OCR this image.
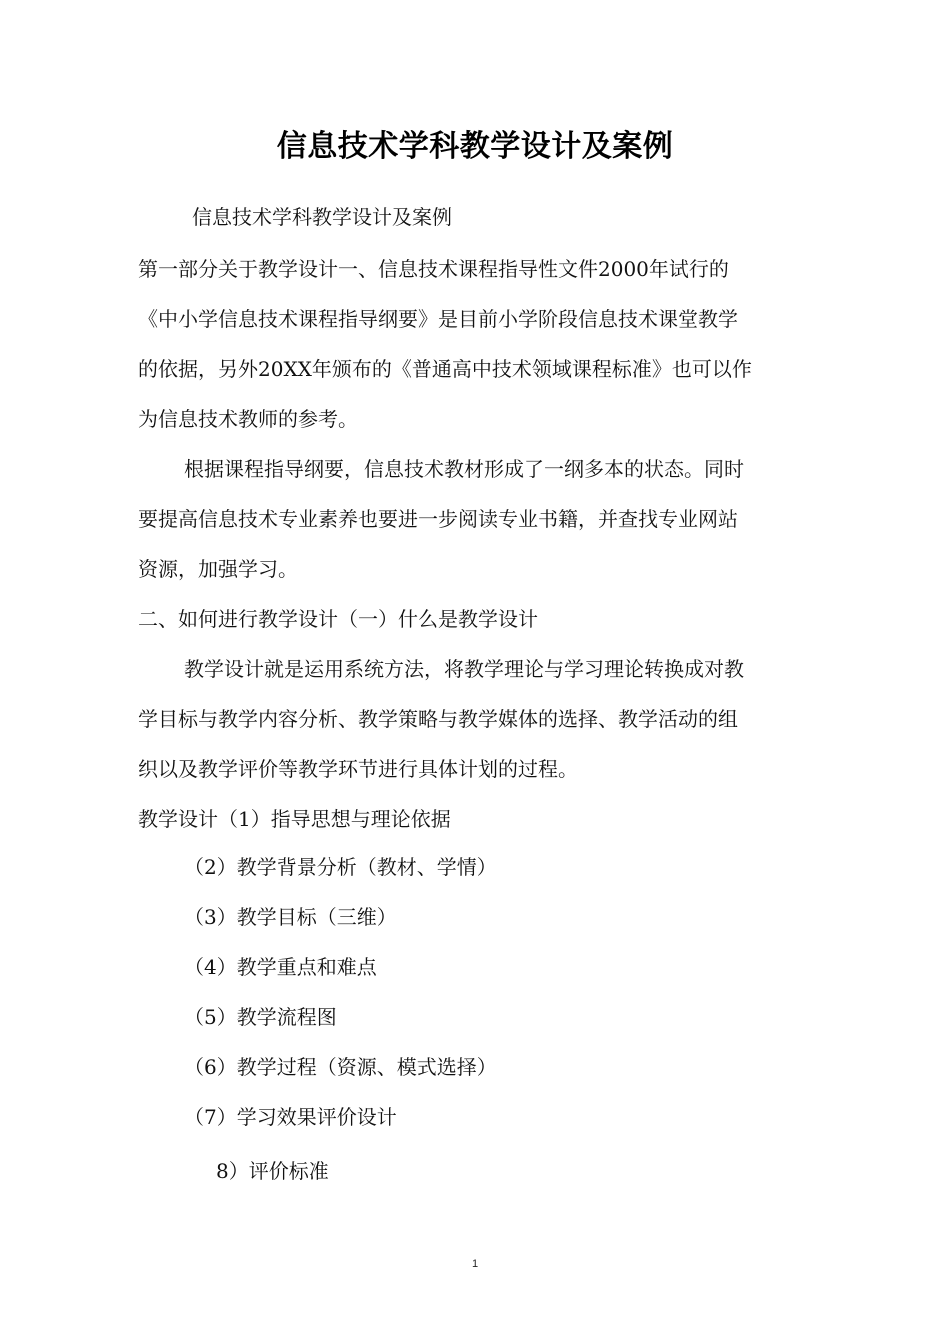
信息技术学科教学设计及案例
信息技术学科教学设计及案例
第一部分关于教学设计一、信息技术课程指导性文件2000年试行的
《中小学信息技术课程指导纲要》是目前小学阶段信息技术课堂教学
的依据，另外20XX年颁布的《普通高中技术领域课程标准》也可以作
为信息技术教师的参考。
根据课程指导纲要，信息技术教材形成了一纲多本的状态。同时
要提高信息技术专业素养也要进一步阅读专业书籍，并查找专业网站
资源，加强学习。
二、如何进行教学设计（一）什么是教学设计
教学设计就是运用系统方法，将教学理论与学习理论转换成对教
学目标与教学内容分析、教学策略与教学媒体的选择、教学活动的组
织以及教学评价等教学环节进行具体计划的过程。
教学设计（1）指导思想与理论依据
（2）教学背景分析（教材、学情）
（3）教学目标（三维）
（4）教学重点和难点
（5）教学流程图
（6）教学过程（资源、模式选择）
（7）学习效果评价设计
8）评价标准
1
